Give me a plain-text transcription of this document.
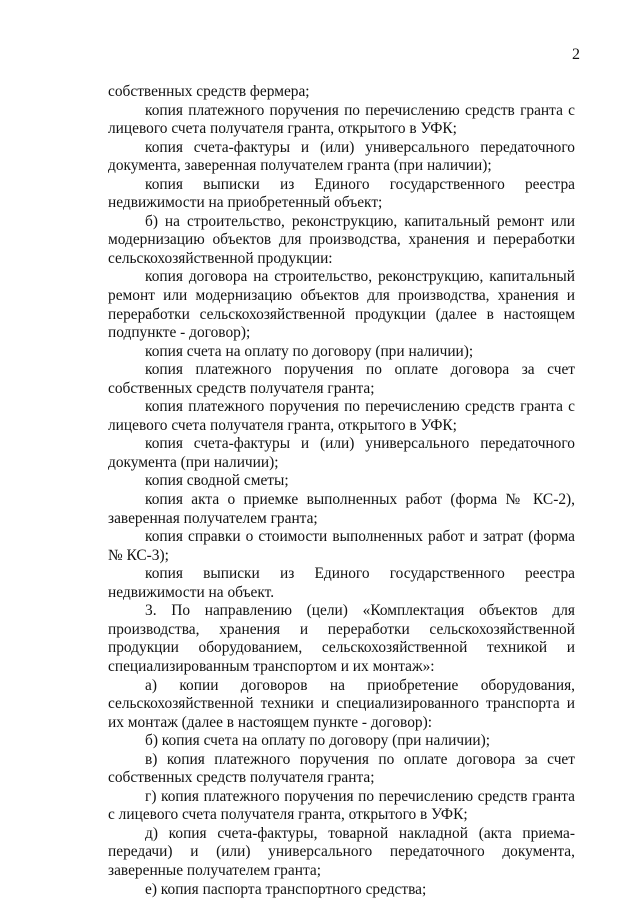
2

собственных средств фермера;

копия платежного поручения по перечислению средств гранта с лицевого счета получателя гранта, открытого в УФК;

копия счета-фактуры и (или) универсального передаточного документа, заверенная получателем гранта (при наличии);

копия выписки из Единого государственного реестра недвижимости на приобретенный объект;

б) на строительство, реконструкцию, капитальный ремонт или модернизацию объектов для производства, хранения и переработки сельскохозяйственной продукции:

копия договора на строительство, реконструкцию, капитальный ремонт или модернизацию объектов для производства, хранения и переработки сельскохозяйственной продукции (далее в настоящем подпункте - договор);

копия счета на оплату по договору (при наличии);

копия платежного поручения по оплате договора за счет собственных средств получателя гранта;

копия платежного поручения по перечислению средств гранта с лицевого счета получателя гранта, открытого в УФК;

копия счета-фактуры и (или) универсального передаточного документа (при наличии);

копия сводной сметы;

копия акта о приемке выполненных работ (форма № КС-2), заверенная получателем гранта;

копия справки о стоимости выполненных работ и затрат (форма № КС-3);

копия выписки из Единого государственного реестра недвижимости на объект.

3. По направлению (цели) «Комплектация объектов для производства, хранения и переработки сельскохозяйственной продукции оборудованием, сельскохозяйственной техникой и специализированным транспортом и их монтаж»:

а) копии договоров на приобретение оборудования, сельскохозяйственной техники и специализированного транспорта и их монтаж (далее в настоящем пункте - договор):

б) копия счета на оплату по договору (при наличии);

в) копия платежного поручения по оплате договора за счет собственных средств получателя гранта;

г) копия платежного поручения по перечислению средств гранта с лицевого счета получателя гранта, открытого в УФК;

д) копия счета-фактуры, товарной накладной (акта приема-передачи) и (или) универсального передаточного документа, заверенные получателем гранта;

е) копия паспорта транспортного средства;
